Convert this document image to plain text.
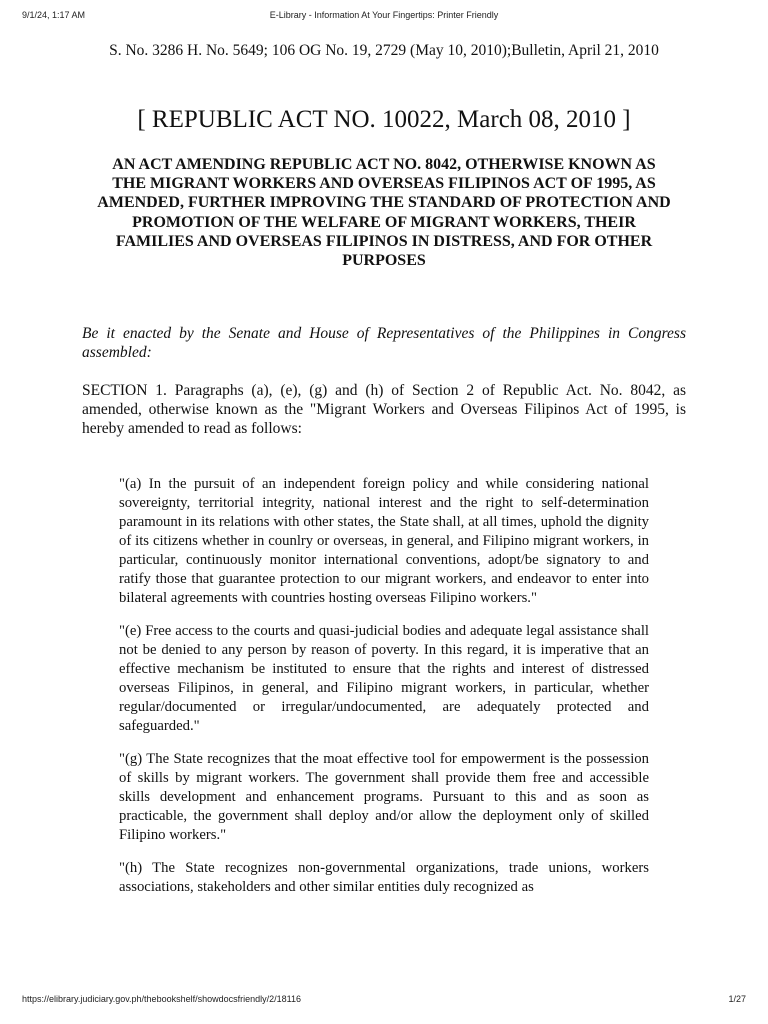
9/1/24, 1:17 AM	E-Library - Information At Your Fingertips: Printer Friendly

S. No. 3286 H. No. 5649; 106 OG No. 19, 2729 (May 10, 2010);Bulletin, April 21, 2010

[ REPUBLIC ACT NO. 10022, March 08, 2010 ]
AN ACT AMENDING REPUBLIC ACT NO. 8042, OTHERWISE KNOWN AS THE MIGRANT WORKERS AND OVERSEAS FILIPINOS ACT OF 1995, AS AMENDED, FURTHER IMPROVING THE STANDARD OF PROTECTION AND PROMOTION OF THE WELFARE OF MIGRANT WORKERS, THEIR FAMILIES AND OVERSEAS FILIPINOS IN DISTRESS, AND FOR OTHER PURPOSES

Be it enacted by the Senate and House of Representatives of the Philippines in Congress assembled:

SECTION 1. Paragraphs (a), (e), (g) and (h) of Section 2 of Republic Act. No. 8042, as amended, otherwise known as the "Migrant Workers and Overseas Filipinos Act of 1995, is hereby amended to read as follows:

"(a) In the pursuit of an independent foreign policy and while considering national sovereignty, territorial integrity, national interest and the right to self-determination paramount in its relations with other states, the State shall, at all times, uphold the dignity of its citizens whether in counlry or overseas, in general, and Filipino migrant workers, in particular, continuously monitor international conventions, adopt/be signatory to and ratify those that guarantee protection to our migrant workers, and endeavor to enter into bilateral agreements with countries hosting overseas Filipino workers."

"(e) Free access to the courts and quasi-judicial bodies and adequate legal assistance shall not be denied to any person by reason of poverty. In this regard, it is imperative that an effective mechanism be instituted to ensure that the rights and interest of distressed overseas Filipinos, in general, and Filipino migrant workers, in particular, whether regular/documented or irregular/undocumented, are adequately protected and safeguarded."

"(g) The State recognizes that the moat effective tool for empowerment is the possession of skills by migrant workers. The government shall provide them free and accessible skills development and enhancement programs. Pursuant to this and as soon as practicable, the government shall deploy and/or allow the deployment only of skilled Filipino workers."

"(h) The State recognizes non-governmental organizations, trade unions, workers associations, stakeholders and other similar entities duly recognized as

https://elibrary.judiciary.gov.ph/thebookshelf/showdocsfriendly/2/18116	1/27
